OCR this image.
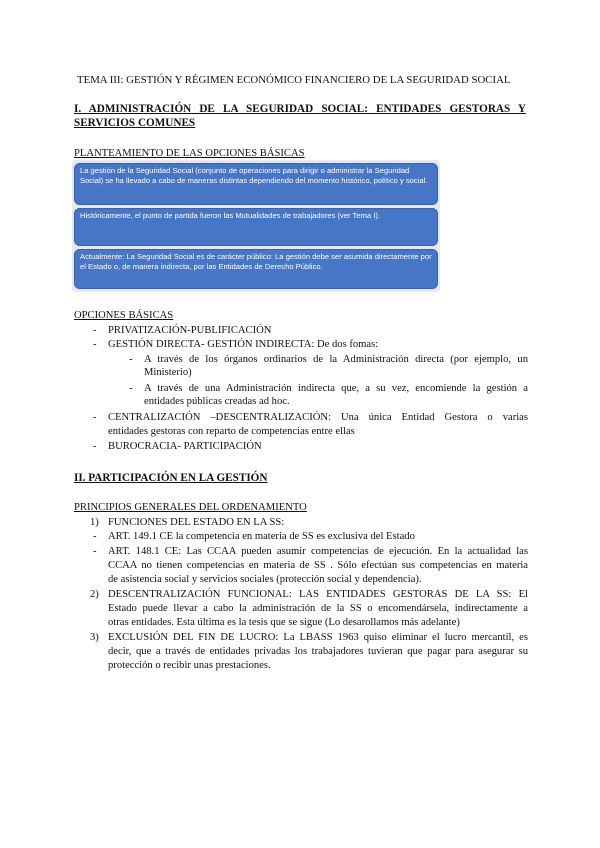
TEMA III: GESTIÓN Y RÉGIMEN ECONÓMICO FINANCIERO DE LA SEGURIDAD SOCIAL
I. ADMINISTRACIÓN DE LA SEGURIDAD SOCIAL: ENTIDADES GESTORAS Y
SERVICIOS COMUNES
PLANTEAMIENTO DE LAS OPCIONES BÁSICAS
La gestión de la Seguridad Social (conjunto de operaciones para dirigir o administrar la Seguridad Social) se ha llevado a cabo de maneras distintas dependiendo del momento histórico, político y social.
Históricamente, el punto de partida fueron las Mutualidades de trabajadores (ver Tema I).
Actualmente: La Seguridad Social es de carácter público: La gestión debe ser asumida directamente por el Estado o, de manera indirecta, por las Entidades de Derecho Público.
OPCIONES BÁSICAS
- PRIVATIZACIÓN-PUBLIFICACIÓN
- GESTIÓN DIRECTA- GESTIÓN INDIRECTA: De dos fomas:
- A través de los órganos ordinarios de la Administración directa (por ejemplo, un
Ministerio)
- A través de una Administración indirecta que, a su vez, encomiende la gestión a
entidades públicas creadas ad hoc.
- CENTRALIZACIÓN –DESCENTRALIZACIÓN: Una única Entidad Gestora o varias
entidades gestoras con reparto de competencias entre ellas
- BUROCRACIA- PARTICIPACIÓN
II. PARTICIPACIÓN EN LA GESTIÓN
PRINCIPIOS GENERALES DEL ORDENAMIENTO
1) FUNCIONES DEL ESTADO EN LA SS:
- ART. 149.1 CE la competencia en materia de SS es exclusiva del Estado
- ART. 148.1 CE: Las CCAA pueden asumir competencias de ejecución. En la actualidad las
CCAA no tienen competencias en materia de SS . Sólo efectúan sus competencias en materia
de asistencia social y servicios sociales (protección social y dependencia).
2) DESCENTRALIZACIÓN FUNCIONAL: LAS ENTIDADES GESTORAS DE LA SS: El
Estado puede llevar a cabo la administración de la SS o encomendársela, indirectamente a
otras entidades. Esta última es la tesis que se sigue (Lo desarollamos más adelante)
3) EXCLUSIÓN DEL FIN DE LUCRO: La LBASS 1963 quiso eliminar el lucro mercantil, es
decir, que a través de entidades privadas los trabajadores tuvieran que pagar para asegurar su
protección o recibir unas prestaciones.
